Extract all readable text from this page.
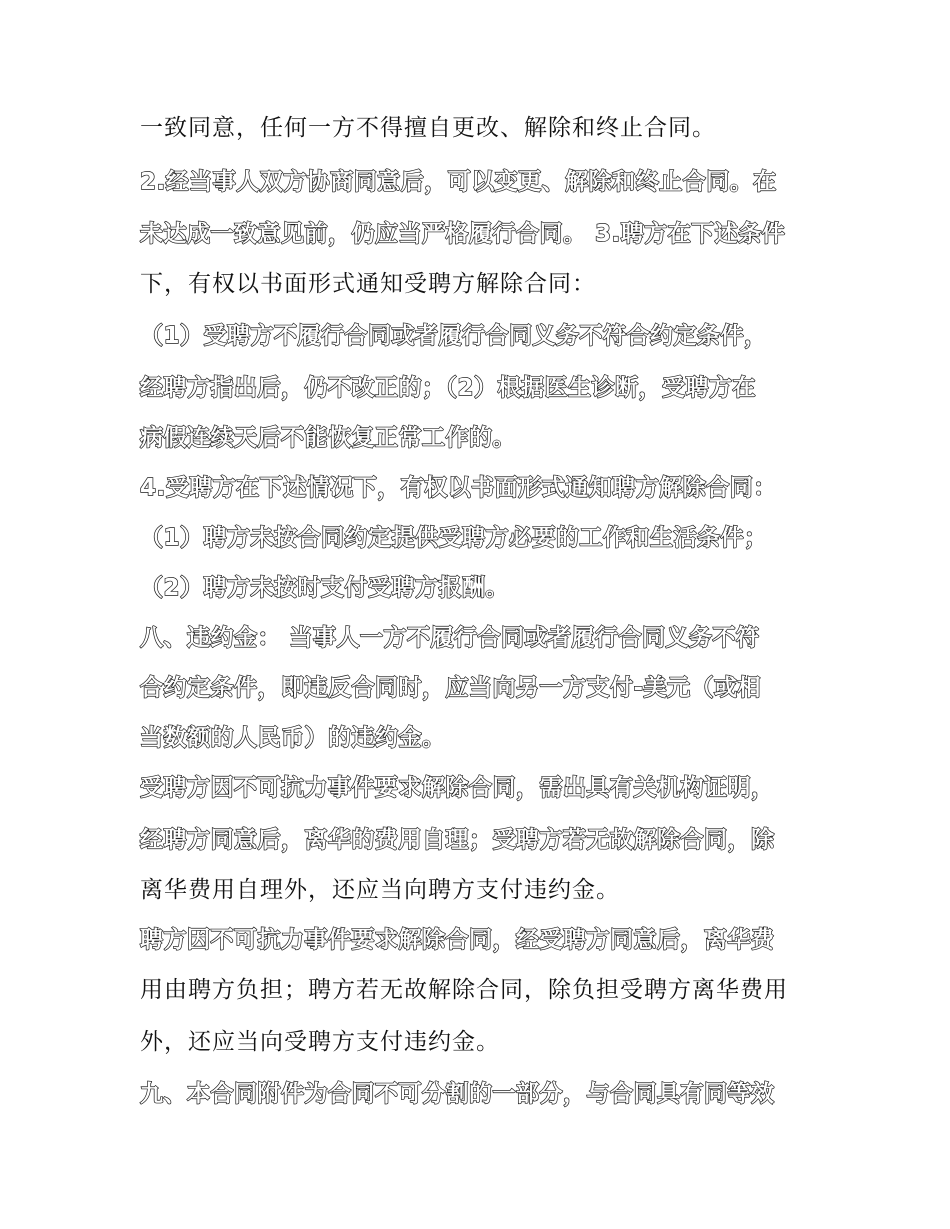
一致同意，任何一方不得擅自更改、解除和终止合同。
2.经当事人双方协商同意后，可以变更、解除和终止合同。在
未达成一致意见前，仍应当严格履行合同。 3.聘方在下述条件
下，有权以书面形式通知受聘方解除合同：
（1）受聘方不履行合同或者履行合同义务不符合约定条件，
经聘方指出后，仍不改正的；（2）根据医生诊断，受聘方在
病假连续天后不能恢复正常工作的。
4.受聘方在下述情况下，有权以书面形式通知聘方解除合同：
（1）聘方未按合同约定提供受聘方必要的工作和生活条件；
（2）聘方未按时支付受聘方报酬。
八、违约金： 当事人一方不履行合同或者履行合同义务不符
合约定条件，即违反合同时，应当向另一方支付-美元（或相
当数额的人民币）的违约金。
受聘方因不可抗力事件要求解除合同，需出具有关机构证明，
经聘方同意后，离华的费用自理；受聘方若无故解除合同，除
离华费用自理外，还应当向聘方支付违约金。
聘方因不可抗力事件要求解除合同，经受聘方同意后，离华费
用由聘方负担；聘方若无故解除合同，除负担受聘方离华费用
外，还应当向受聘方支付违约金。
九、本合同附件为合同不可分割的一部分，与合同具有同等效
